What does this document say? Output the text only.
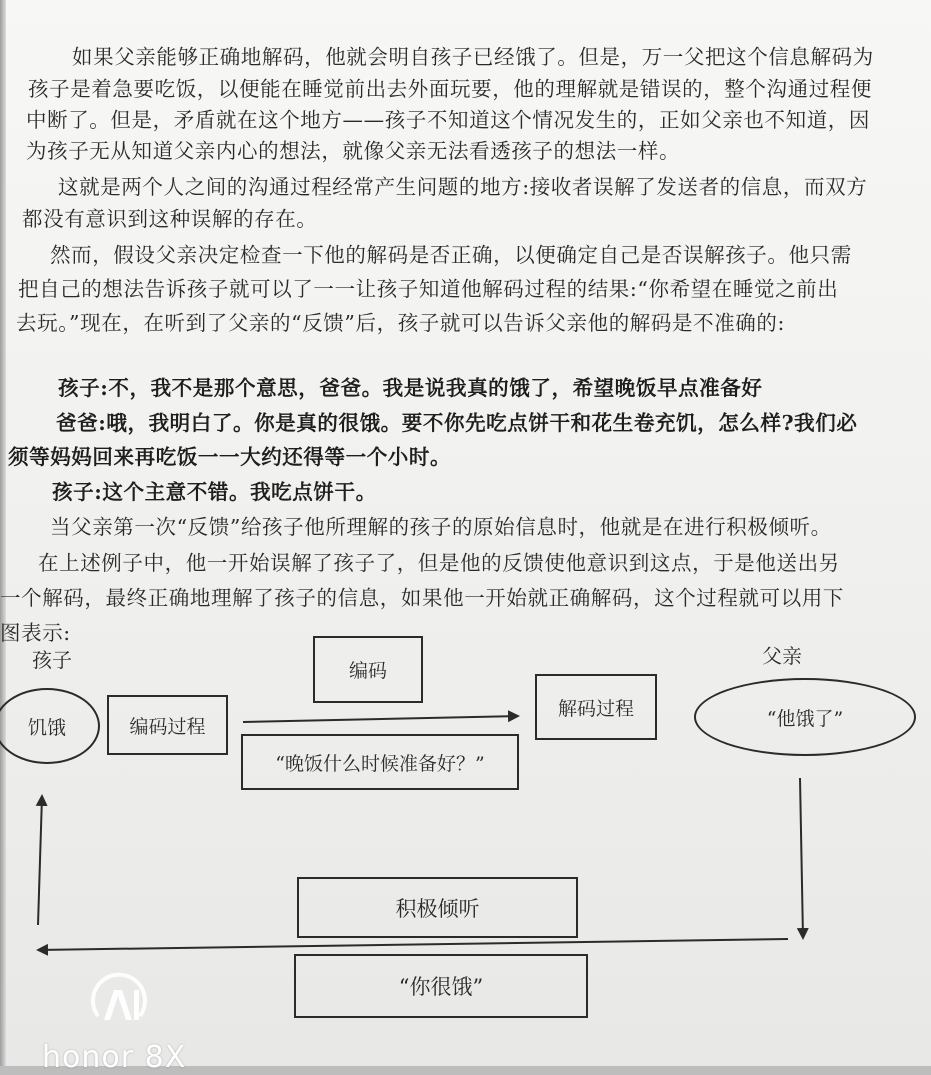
如果父亲能够正确地解码，他就会明自孩子已经饿了。但是，万一父把这个信息解码为
孩子是着急要吃饭，以便能在睡觉前出去外面玩要，他的理解就是错误的，整个沟通过程便
中断了。但是，矛盾就在这个地方——孩子不知道这个情况发生的，正如父亲也不知道，因
为孩子无从知道父亲内心的想法，就像父亲无法看透孩子的想法一样。
这就是两个人之间的沟通过程经常产生问题的地方:接收者误解了发送者的信息，而双方
都没有意识到这种误解的存在。
然而，假设父亲决定检查一下他的解码是否正确，以便确定自己是否误解孩子。他只需
把自己的想法告诉孩子就可以了一一让孩子知道他解码过程的结果:“你希望在睡觉之前出
去玩。”现在，在听到了父亲的“反馈”后，孩子就可以告诉父亲他的解码是不准确的:
孩子:不，我不是那个意思，爸爸。我是说我真的饿了，希望晚饭早点准备好
爸爸:哦，我明白了。你是真的很饿。要不你先吃点饼干和花生卷充饥，怎么样?我们必
须等妈妈回来再吃饭一一大约还得等一个小时。
孩子:这个主意不错。我吃点饼干。
当父亲第一次“反馈”给孩子他所理解的孩子的原始信息时，他就是在进行积极倾听。
在上述例子中，他一开始误解了孩子了，但是他的反馈使他意识到这点，于是他送出另
一个解码，最终正确地理解了孩子的信息，如果他一开始就正确解码，这个过程就可以用下
图表示:
孩子	父亲
饥饿	编码过程
编码
“晚饭什么时候准备好？”
解码过程	“他饿了”
积极倾听
“你很饿”
honor 8X
